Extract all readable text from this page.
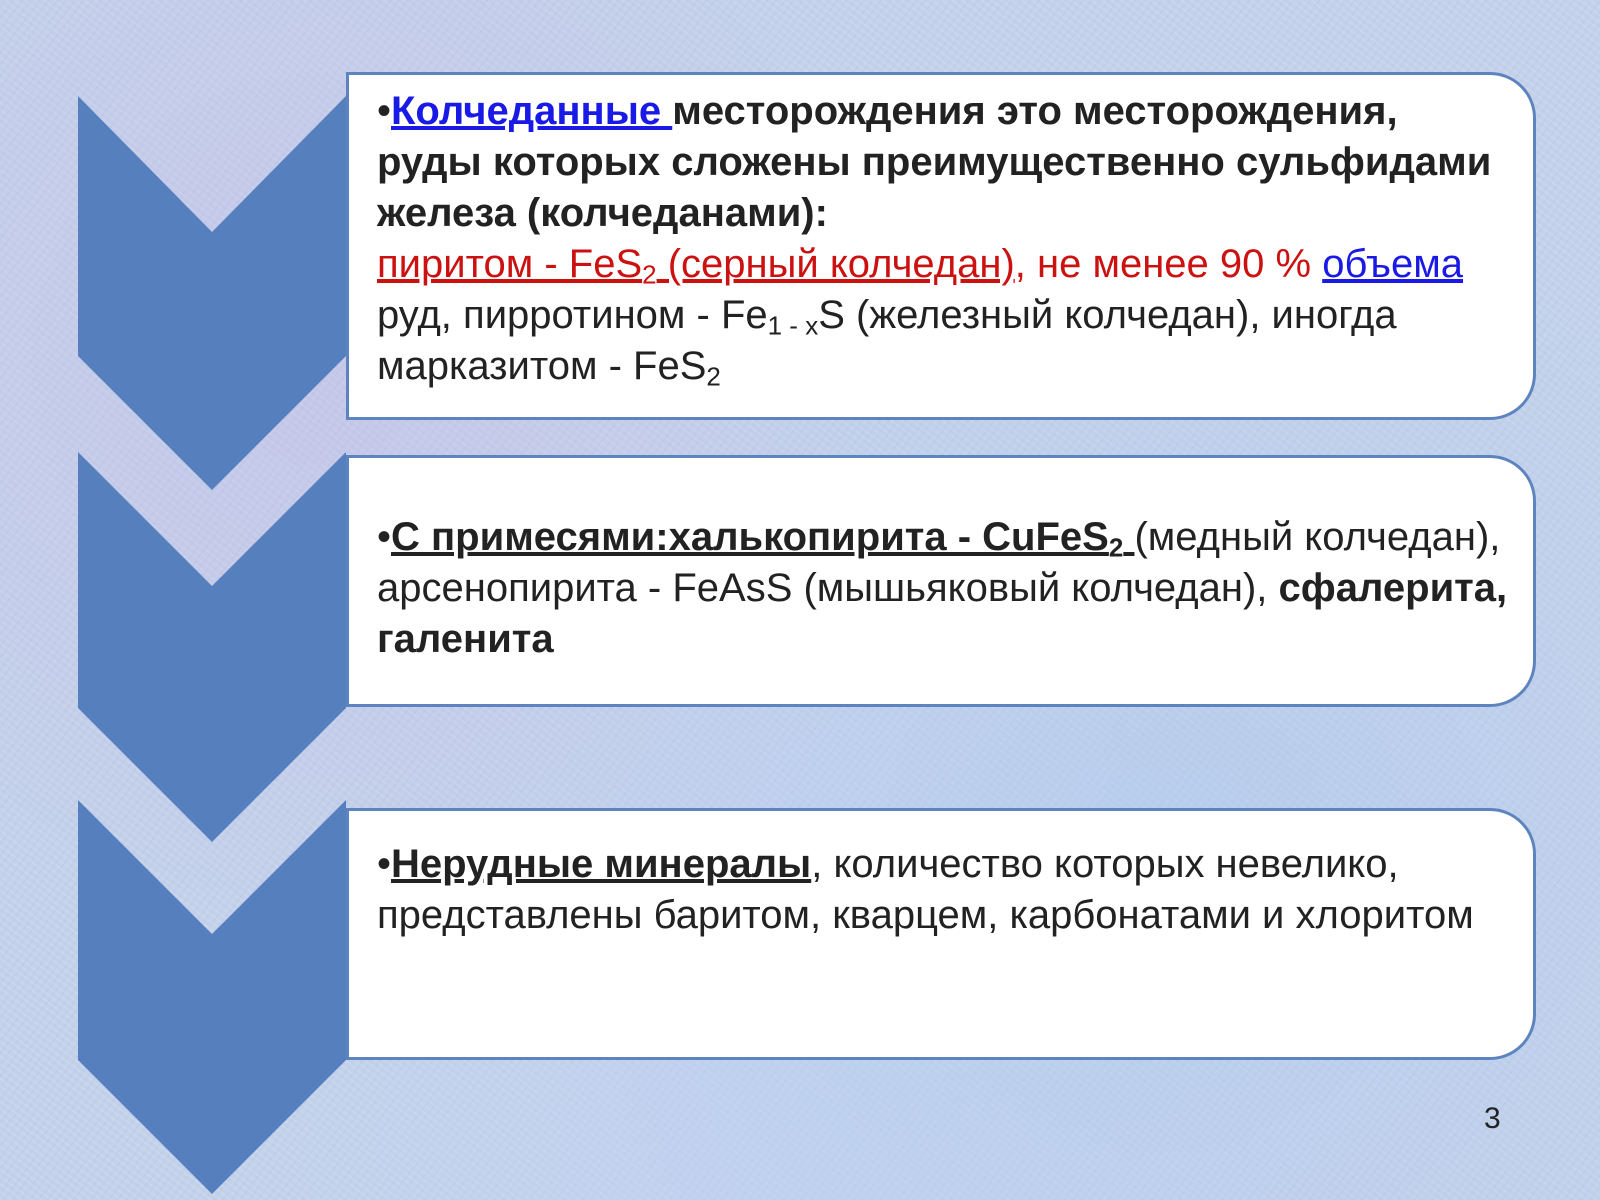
•Колчеданные месторождения это месторождения, руды которых сложены преимущественно сульфидами железа (колчеданами):
пиритом - FeS$_2$ (серный колчедан), не менее 90 % объема руд, пирротином - $Fe_{1 - x}S$ (железный колчедан), иногда марказитом - FeS$_2$
•С примесями:халькопирита - CuFeS$_2$ (медный колчедан), арсенопирита - FeAsS (мышьяковый колчедан), сфалерита, галенита
•Нерудные минералы, количество которых невелико, представлены баритом, кварцем, карбонатами и хлоритом
3
